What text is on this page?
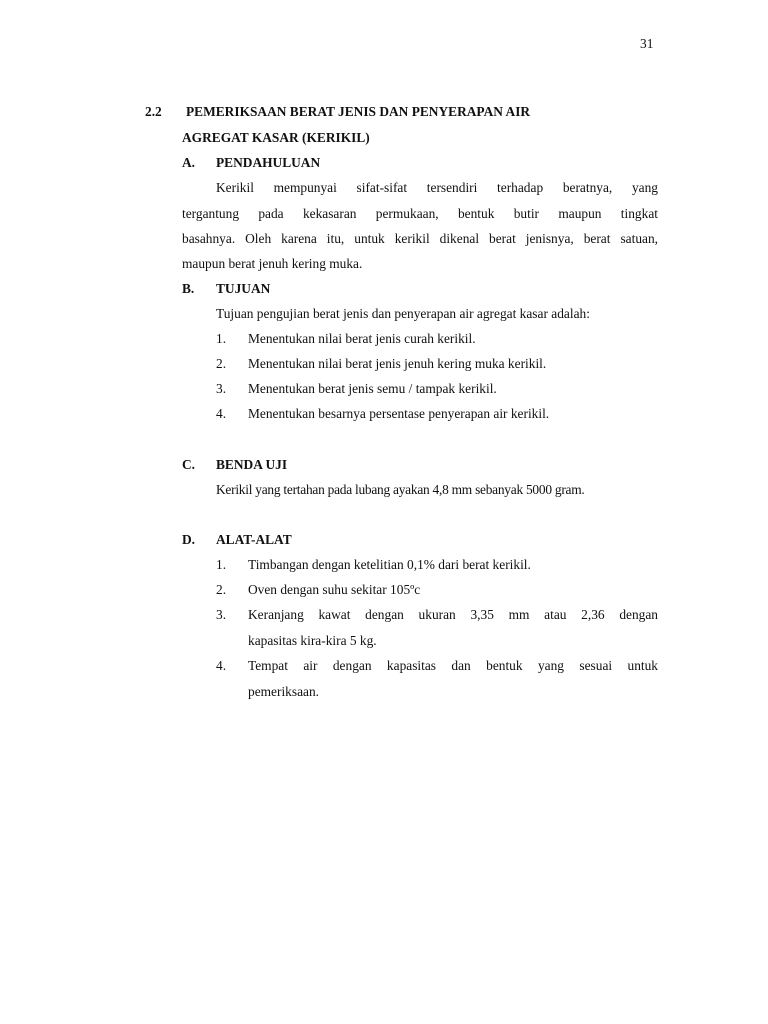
31
2.2 PEMERIKSAAN BERAT JENIS DAN PENYERAPAN AIR
AGREGAT KASAR (KERIKIL)
A. PENDAHULUAN
Kerikil mempunyai sifat-sifat tersendiri terhadap beratnya, yang
tergantung pada kekasaran permukaan, bentuk butir maupun tingkat
basahnya. Oleh karena itu, untuk kerikil dikenal berat jenisnya, berat satuan,
maupun berat jenuh kering muka.
B. TUJUAN
Tujuan pengujian berat jenis dan penyerapan air agregat kasar adalah:
1. Menentukan nilai berat jenis curah kerikil.
2. Menentukan nilai berat jenis jenuh kering muka kerikil.
3. Menentukan berat jenis semu / tampak kerikil.
4. Menentukan besarnya persentase penyerapan air kerikil.
C. BENDA UJI
Kerikil yang tertahan pada lubang ayakan 4,8 mm sebanyak 5000 gram.
D. ALAT-ALAT
1. Timbangan dengan ketelitian 0,1% dari berat kerikil.
2. Oven dengan suhu sekitar 105ºc
3. Keranjang kawat dengan ukuran 3,35 mm atau 2,36 dengan
kapasitas kira-kira 5 kg.
4. Tempat air dengan kapasitas dan bentuk yang sesuai untuk
pemeriksaan.
